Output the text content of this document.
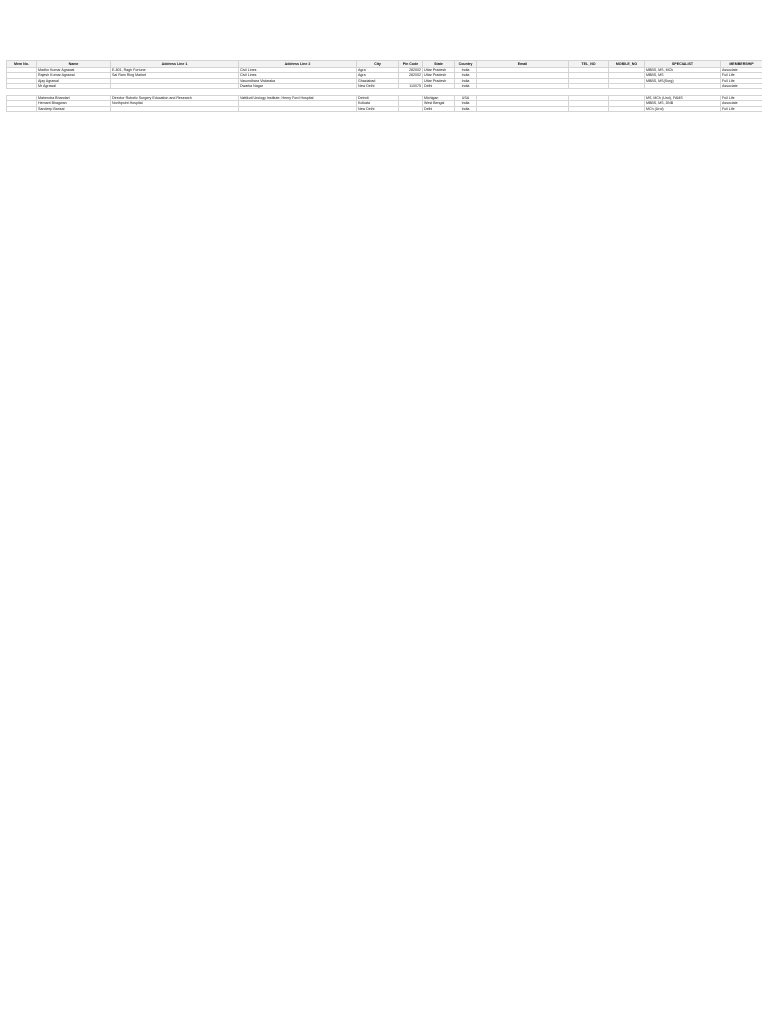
Mem No.	Name	Address Line 1	Address Line 2	City	Pin Code	State	Country	Email	TEL_NO	MOBILE_NO	SPECIALIST	MEMBERSHIP
	Madhu Kumar Agrawal	E-801, Ragh Fortune	Civil Lines	Agra	282002	Uttar Pradesh	India				MBBS, MS, MCh	Associate
	Rajesh Kumar Agrawal	Sai Ram Ring Market	Civil Lines	Agra	282002	Uttar Pradesh	India				MBBS, MS	Full Life
	Ajay Agrawal		Vasundhara Vistaraka	Ghaziabad		Uttar Pradesh	India				MBBS, MS(Surg)	Full Life
	Mr Agrawal		Dwarka Nagar	New Delhi	110075	Delhi	India					Associate

	Mahendra Bhandari	Director Robotic Surgery Education and Research	Vattikuti Urology Institute, Henry Ford Hospital	Detroit		Michigan	USA				MS, MCh (Urol), FAMS	Full Life
	Hemant Bhagwan	Northpoint Hospital		Kolkata		West Bengal	India				MBBS, MS, DNB	Associate
	Sandeep Bansal			New Delhi		Delhi	India				MCh (Urol)	Full Life
